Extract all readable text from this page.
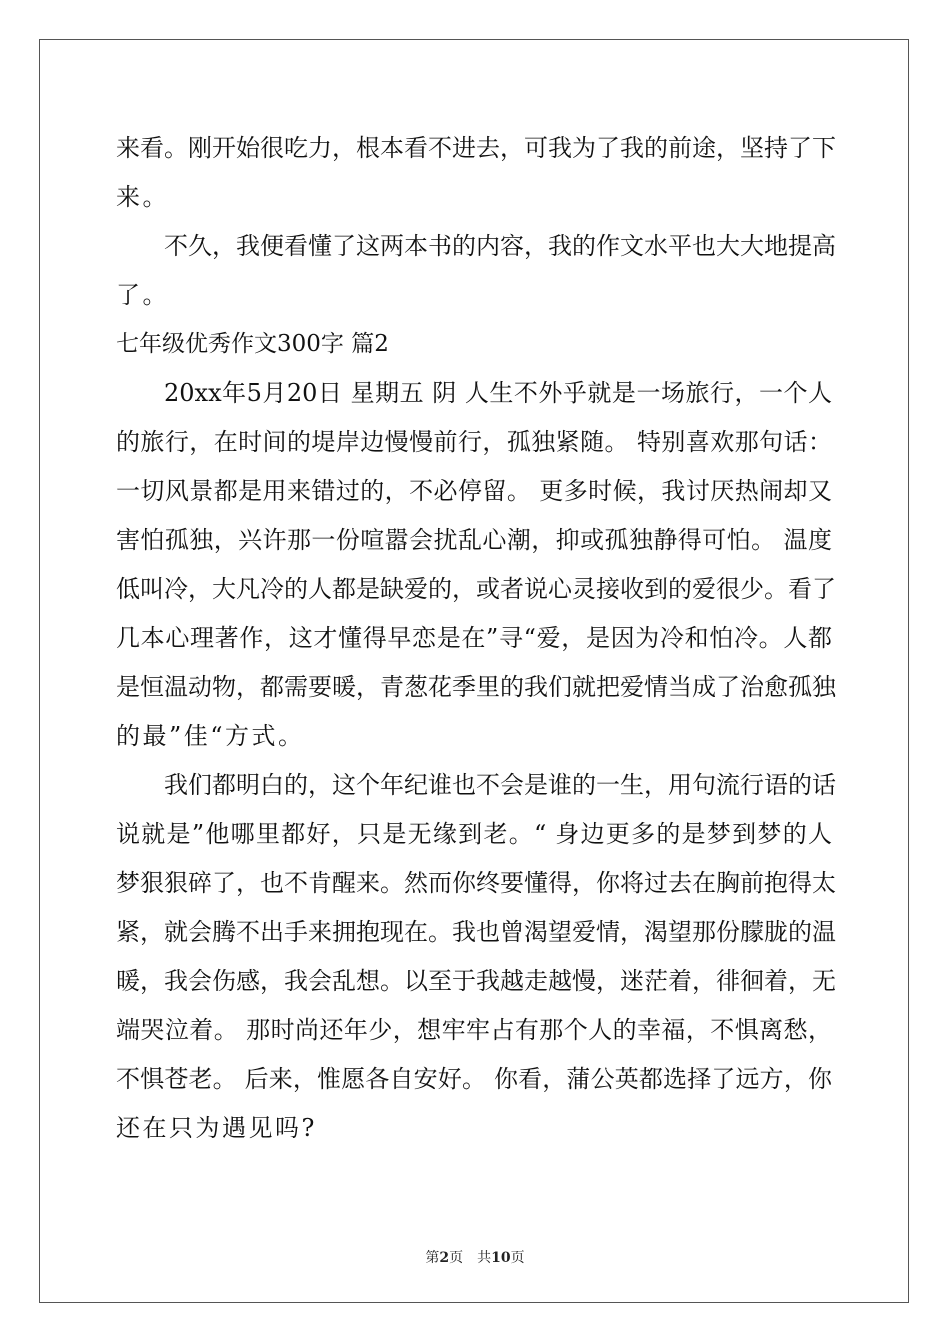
来看。刚开始很吃力，根本看不进去，可我为了我的前途，坚持了下
来。
不久，我便看懂了这两本书的内容，我的作文水平也大大地提高
了。
七年级优秀作文300字 篇2
20xx年5月20日 星期五 阴 人生不外乎就是一场旅行，一个人
的旅行，在时间的堤岸边慢慢前行，孤独紧随。 特别喜欢那句话：
一切风景都是用来错过的，不必停留。 更多时候，我讨厌热闹却又
害怕孤独，兴许那一份喧嚣会扰乱心潮，抑或孤独静得可怕。 温度
低叫冷，大凡冷的人都是缺爱的，或者说心灵接收到的爱很少。看了
几本心理著作，这才懂得早恋是在”寻“爱，是因为冷和怕冷。人都
是恒温动物，都需要暖，青葱花季里的我们就把爱情当成了治愈孤独
的最”佳“方式。
我们都明白的，这个年纪谁也不会是谁的一生，用句流行语的话
说就是”他哪里都好，只是无缘到老。“ 身边更多的是梦到梦的人
梦狠狠碎了，也不肯醒来。然而你终要懂得，你将过去在胸前抱得太
紧，就会腾不出手来拥抱现在。我也曾渴望爱情，渴望那份朦胧的温
暖，我会伤感，我会乱想。以至于我越走越慢，迷茫着，徘徊着，无
端哭泣着。 那时尚还年少，想牢牢占有那个人的幸福，不惧离愁，
不惧苍老。 后来，惟愿各自安好。 你看，蒲公英都选择了远方，你
还在只为遇见吗?
第2页 共10页
